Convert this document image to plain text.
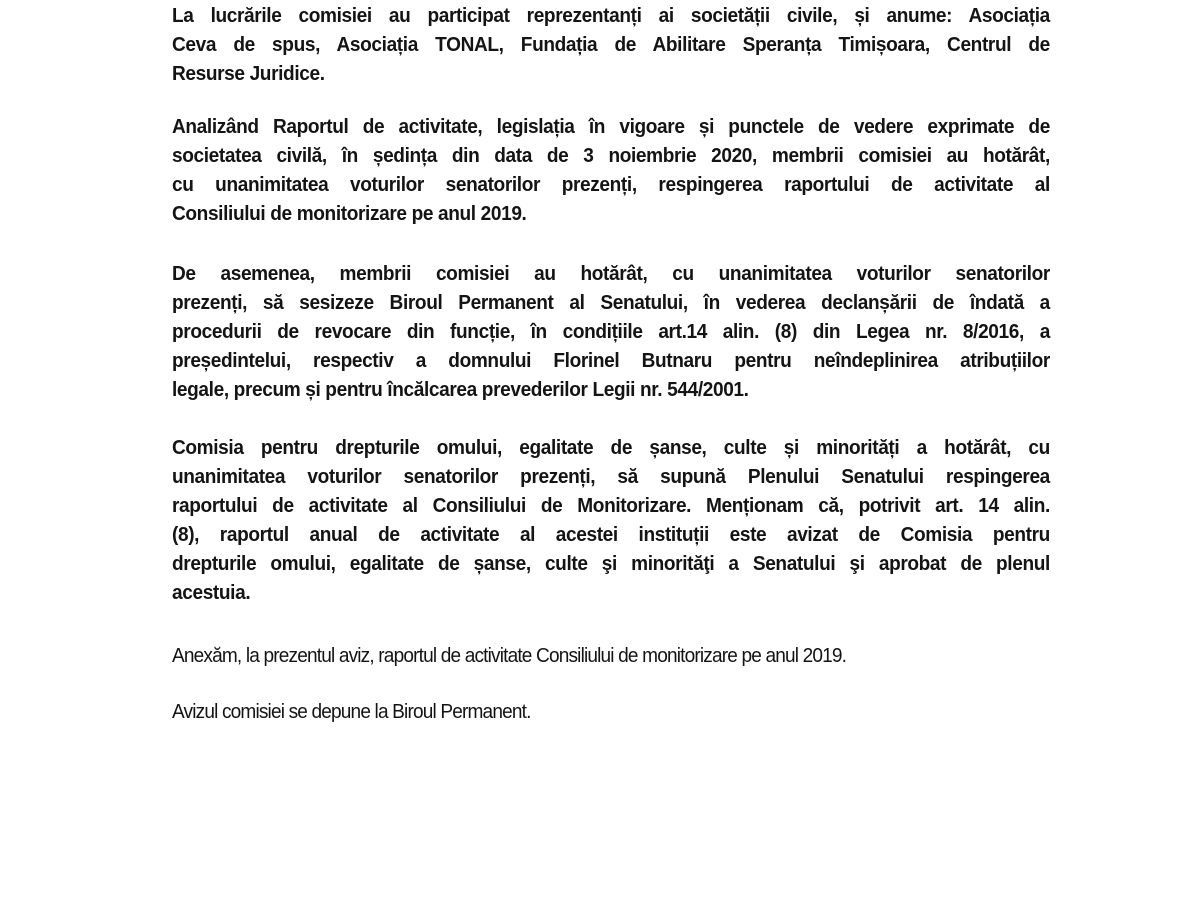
La lucrările comisiei au participat reprezentanți ai societății civile, și anume: Asociația
Ceva de spus, Asociația TONAL, Fundația de Abilitare Speranța Timișoara, Centrul de
Resurse Juridice.
Analizând Raportul de activitate, legislația în vigoare și punctele de vedere exprimate de
societatea civilă, în ședința din data de 3 noiembrie 2020, membrii comisiei au hotărât,
cu unanimitatea voturilor senatorilor prezenți, respingerea raportului de activitate al
Consiliului de monitorizare pe anul 2019.
De asemenea, membrii comisiei au hotărât, cu unanimitatea voturilor senatorilor
prezenți, să sesizeze Biroul Permanent al Senatului, în vederea declanșării de îndată a
procedurii de revocare din funcție, în condițiile art.14 alin. (8) din Legea nr. 8/2016, a
președintelui, respectiv a domnului Florinel Butnaru pentru neîndeplinirea atribuțiilor
legale, precum și pentru încălcarea prevederilor Legii nr. 544/2001.
Comisia pentru drepturile omului, egalitate de șanse, culte și minorități a hotărât, cu
unanimitatea voturilor senatorilor prezenți, să supună Plenului Senatului respingerea
raportului de activitate al Consiliului de Monitorizare. Menționam că, potrivit art. 14 alin.
(8), raportul anual de activitate al acestei instituții este avizat de Comisia pentru
drepturile omului, egalitate de șanse, culte şi minorităţi a Senatului şi aprobat de plenul
acestuia.
Anexăm, la prezentul aviz, raportul de activitate Consiliului de monitorizare pe anul 2019.
Avizul comisiei se depune la Biroul Permanent.
